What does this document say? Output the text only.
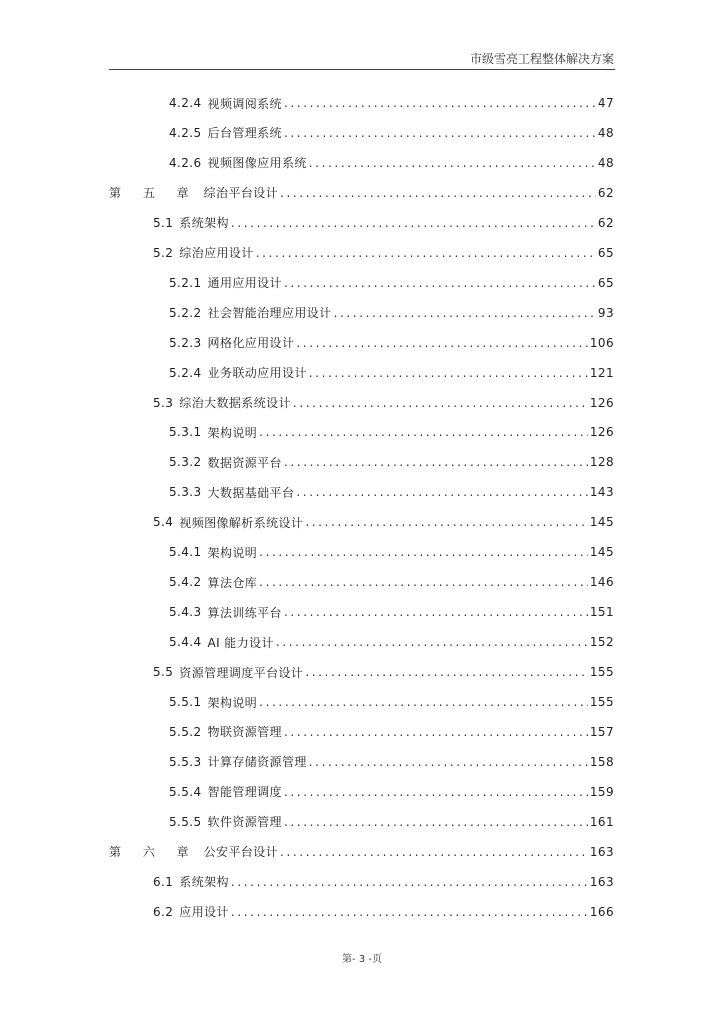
市级雪亮工程整体解决方案
4.2.4 视频调阅系统 .....	47
4.2.5 后台管理系统 .....	48
4.2.6 视频图像应用系统 .....	48
第 五 章 综治平台设计 .....	62
5.1 系统架构 .....	62
5.2 综治应用设计 .....	65
5.2.1 通用应用设计 .....	65
5.2.2 社会智能治理应用设计 .....	93
5.2.3 网格化应用设计 .....	106
5.2.4 业务联动应用设计 .....	121
5.3 综治大数据系统设计 .....	126
5.3.1 架构说明 .....	126
5.3.2 数据资源平台 .....	128
5.3.3 大数据基础平台 .....	143
5.4 视频图像解析系统设计 .....	145
5.4.1 架构说明 .....	145
5.4.2 算法仓库 .....	146
5.4.3 算法训练平台 .....	151
5.4.4 AI 能力设计 .....	152
5.5 资源管理调度平台设计 .....	155
5.5.1 架构说明 .....	155
5.5.2 物联资源管理 .....	157
5.5.3 计算存储资源管理 .....	158
5.5.4 智能管理调度 .....	159
5.5.5 软件资源管理 .....	161
第 六 章 公安平台设计 .....	163
6.1 系统架构 .....	163
6.2 应用设计 .....	166
第- 3 -页
